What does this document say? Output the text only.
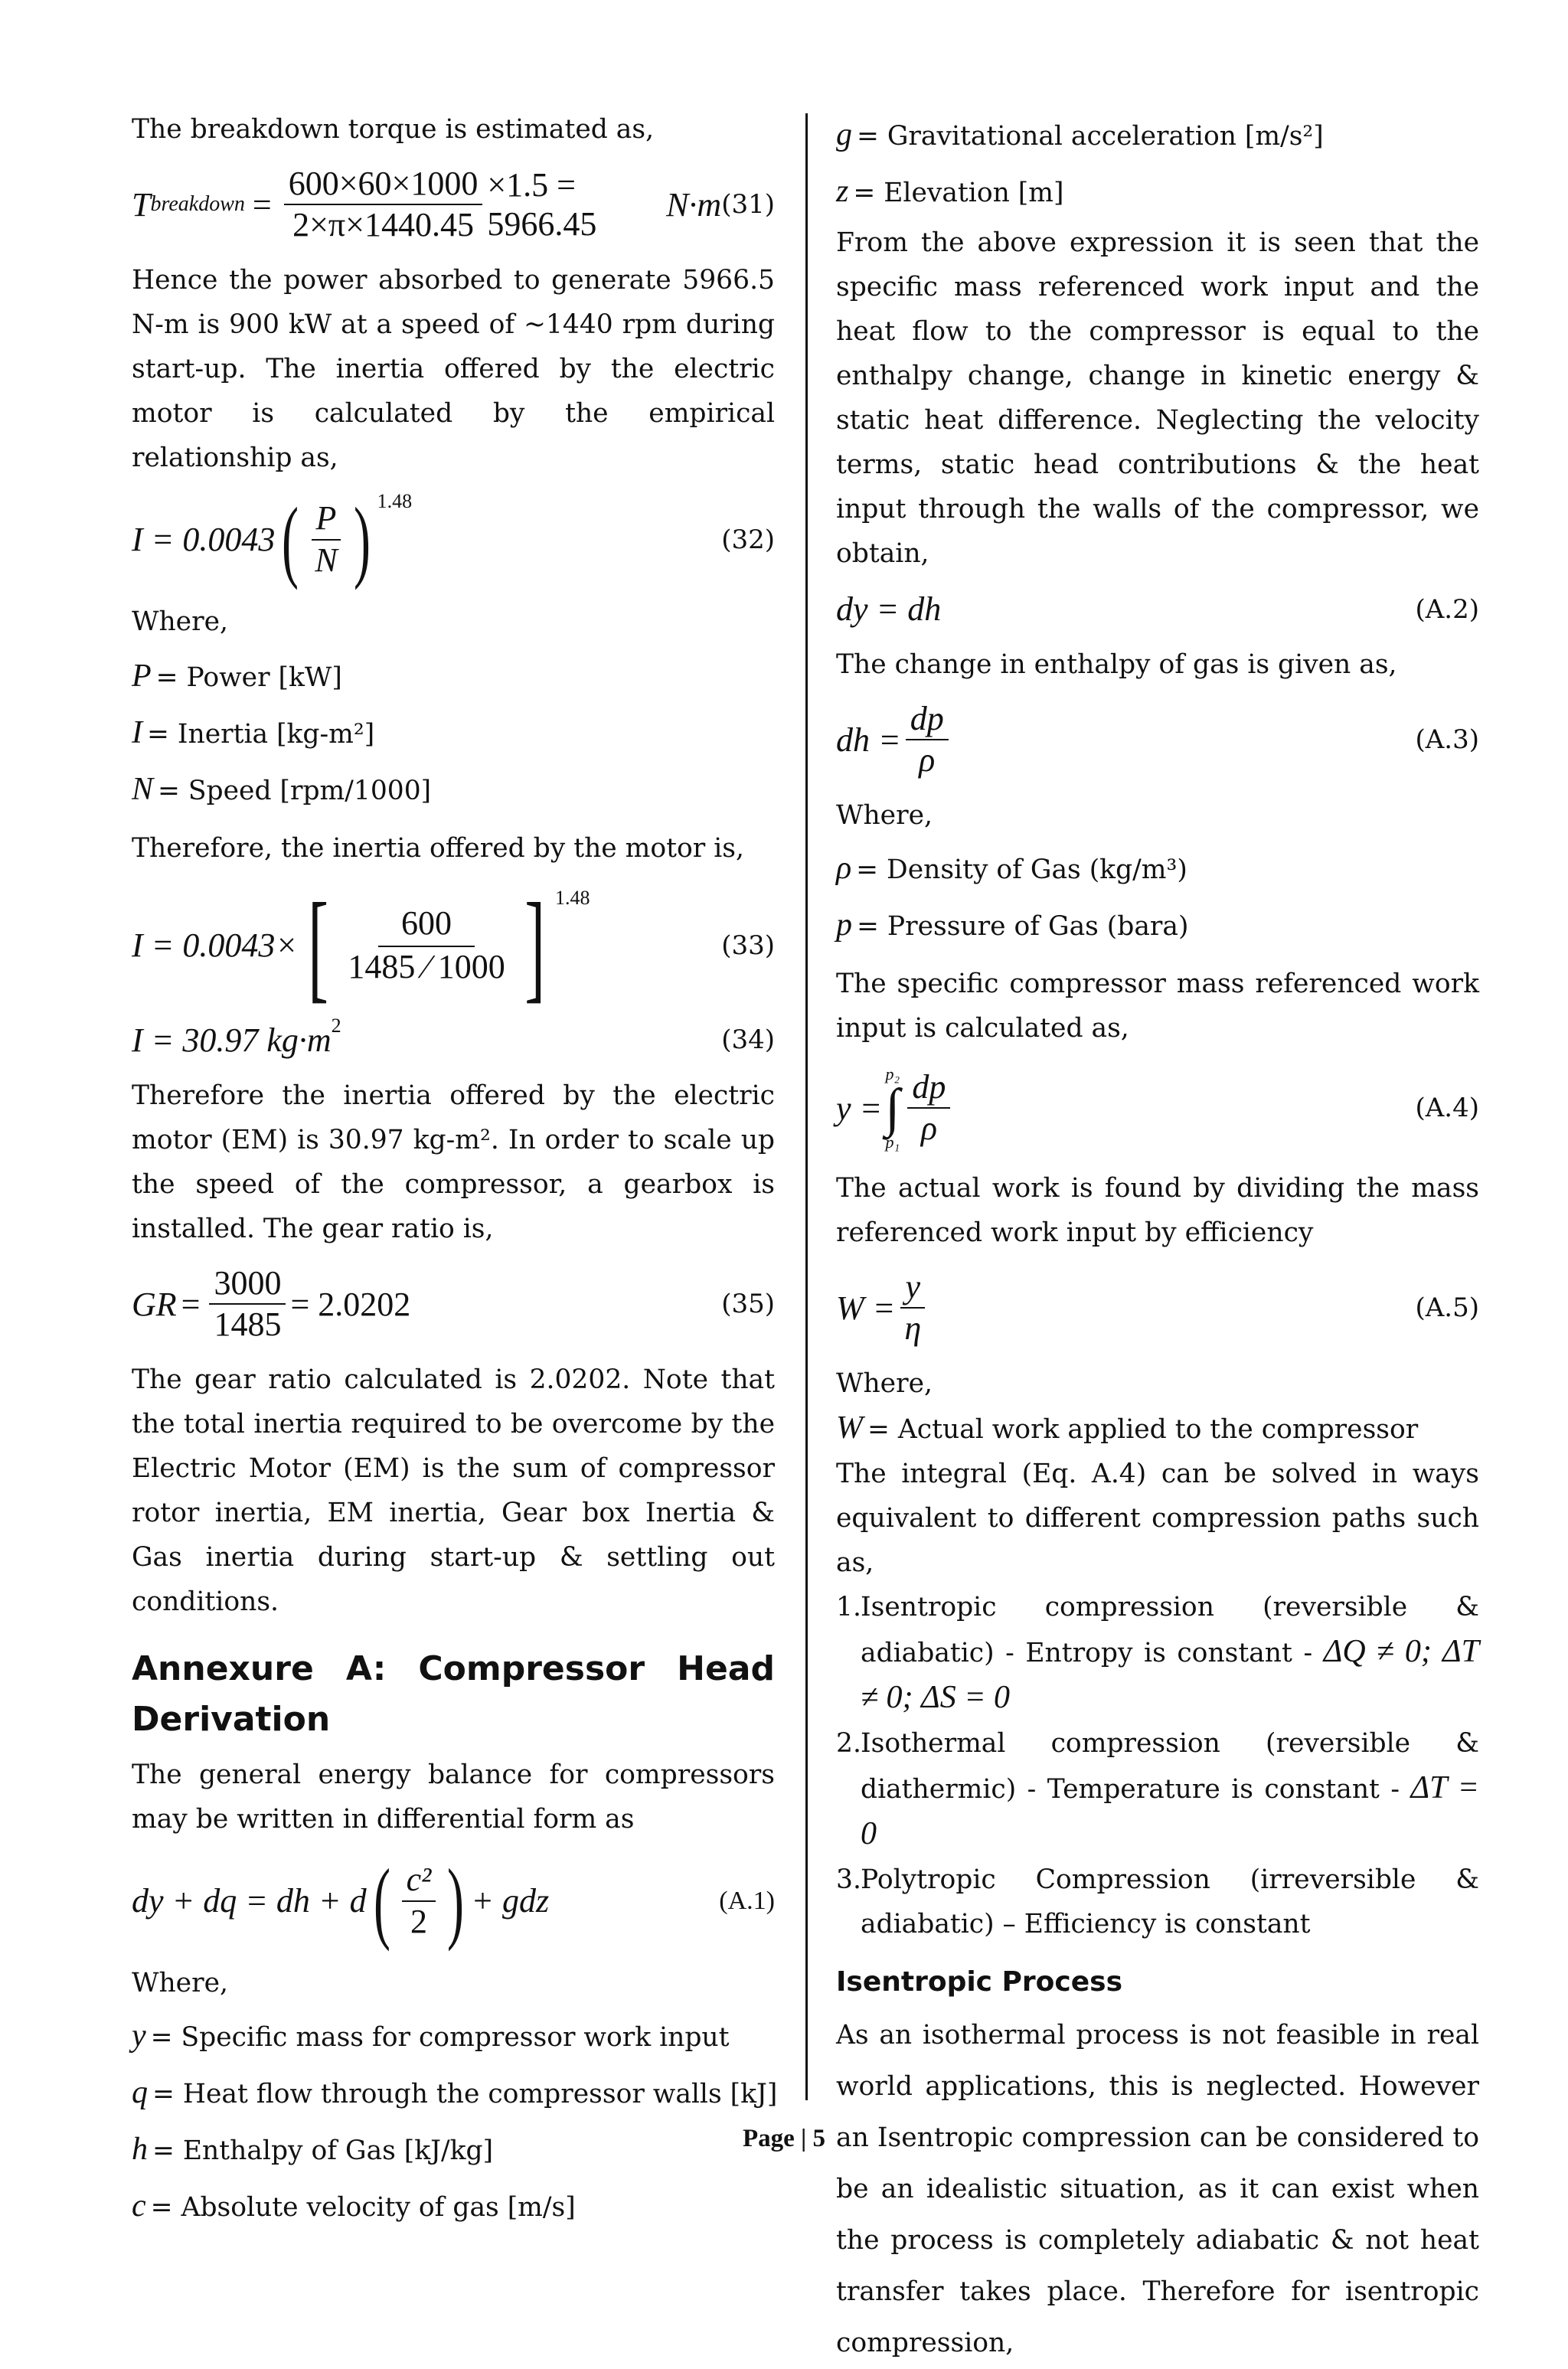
The breakdown torque is estimated as,

T breakdown = $\frac{600\times 60\times 1000}{2\times\pi\times 1440.45} \times 1.5 = 5966.45$

N·m (31)

Hence the power absorbed to generate 5966.5 N-m is 900 kW at a speed of ~1440 rpm during start-up. The inertia offered by the electric motor is calculated by the empirical relationship as,

I = 0.0043 ( $\frac{P}{N}$ ) 1.48
(32)

Where,

P = Power [kW]
I = Inertia [kg-m²]
N = Speed [rpm/1000]

Therefore, the inertia offered by the motor is,

I = 0.0043× [ $\frac{600}{1485 ⁄ 1000}$ ] 1.48
(33)
I = 30.97
kg·m 2	(34)

Therefore the inertia offered by the electric motor (EM) is 30.97 kg-m². In order to scale up the speed of the compressor, a gearbox is installed. The gear ratio is,

GR = $\frac{3000}{1485} = 2.0202$	(35)

The gear ratio calculated is 2.0202. Note that the total inertia required to be overcome by the Electric Motor (EM) is the sum of compressor rotor inertia, EM inertia, Gear box Inertia & Gas inertia during start-up & settling out conditions.

Annexure A: Compressor Head
Derivation

The general energy balance for compressors may be written in differential form as

dy + dq = dh + d ( $\frac{\text{c²}}{2}$ ) + gdz	(A.1)

Where,

y = Specific mass for compressor work input
q = Heat flow through the compressor walls [kJ]
h = Enthalpy of Gas [kJ/kg]
c = Absolute velocity of gas [m/s]
g = Gravitational acceleration [m/s²]
z = Elevation [m]

From the above expression it is seen that the specific mass referenced work input and the heat flow to the compressor is equal to the enthalpy change, change in kinetic energy & static heat difference. Neglecting the velocity terms, static head contributions & the heat input through the walls of the compressor, we obtain,

dy = dh	(A.2)

The change in enthalpy of gas is given as,

dh = $\frac{dp}{\rho}$	(A.3)

Where,

ρ = Density of Gas (kg/m³)
p = Pressure of Gas (bara)

The specific compressor mass referenced work input is calculated as,

y =
p₂
∫
$p_1 \frac{dp}{\rho}$	(A.4)

The actual work is found by dividing the mass referenced work input by efficiency

$W = \frac{y}{\eta}$	(A.5)

Where,

W = Actual work applied to the compressor

The integral (Eq. A.4) can be solved in ways equivalent to different compression paths such as,

1. Isentropic compression (reversible & adiabatic) - Entropy is constant - ΔQ ≠ 0; ΔT ≠ 0; ΔS = 0
2. Isothermal compression (reversible & diathermic) - Temperature is constant - ΔT = 0
3. Polytropic Compression (irreversible & adiabatic) – Efficiency is constant
Isentropic Process

As an isothermal process is not feasible in real world applications, this is neglected. However an Isentropic compression can be considered to be an idealistic situation, as it can exist when the process is completely adiabatic & not heat transfer takes place. Therefore for isentropic compression,

Page | 5
